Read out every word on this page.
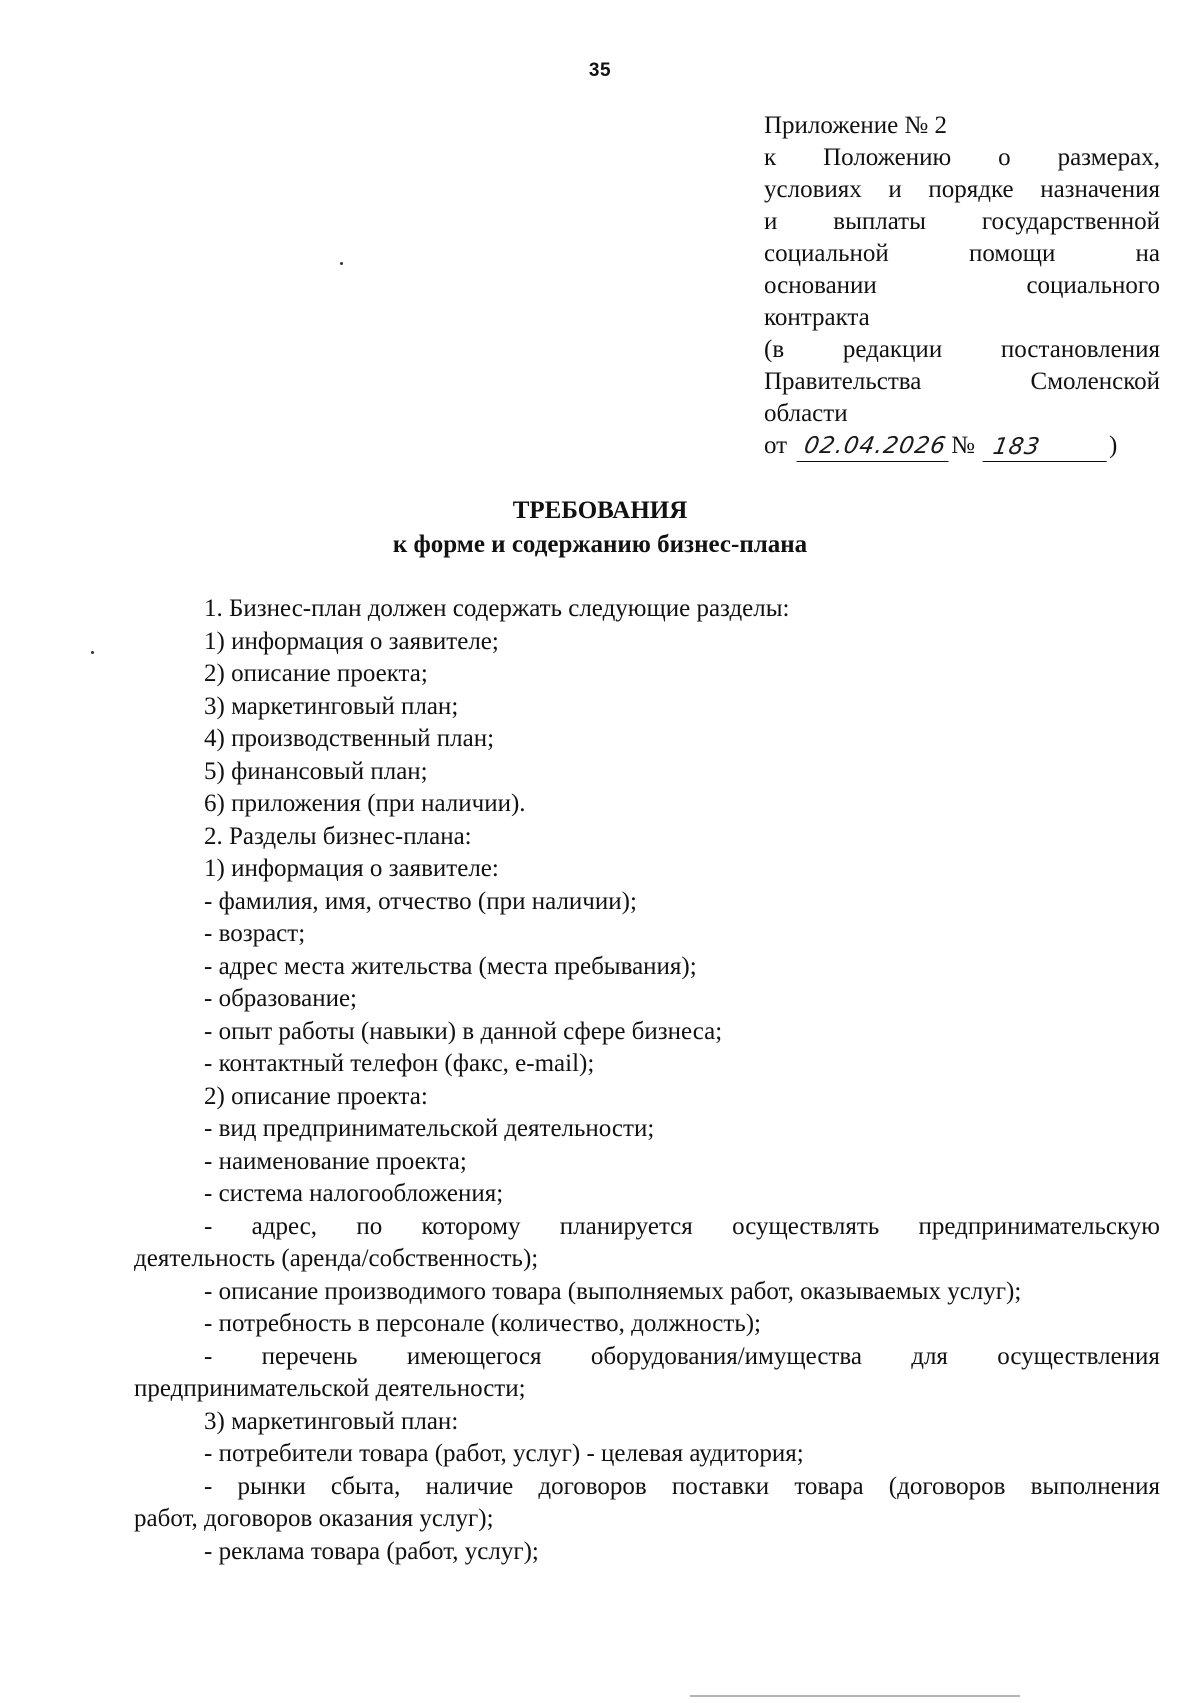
35
Приложение № 2
к Положению о размерах,
условиях и порядке назначения
и выплаты государственной
социальной	помощи	на
основании	социального
контракта
(в редакции постановления
Правительства	Смоленской
области
от 02.04.2026 № 183	)
ТРЕБОВАНИЯ
к форме и содержанию бизнес-плана
1. Бизнес-план должен содержать следующие разделы:
1) информация о заявителе;
2) описание проекта;
3) маркетинговый план;
4) производственный план;
5) финансовый план;
6) приложения (при наличии).
2. Разделы бизнес-плана:
1) информация о заявителе:
- фамилия, имя, отчество (при наличии);
- возраст;
- адрес места жительства (места пребывания);
- образование;
- опыт работы (навыки) в данной сфере бизнеса;
- контактный телефон (факс, e-mail);
2) описание проекта:
- вид предпринимательской деятельности;
- наименование проекта;
- система налогообложения;
- адрес, по которому планируется осуществлять предпринимательскую
деятельность (аренда/собственность);
- описание производимого товара (выполняемых работ, оказываемых услуг);
- потребность в персонале (количество, должность);
- перечень имеющегося оборудования/имущества для осуществления
предпринимательской деятельности;
3) маркетинговый план:
- потребители товара (работ, услуг) - целевая аудитория;
- рынки сбыта, наличие договоров поставки товара (договоров выполнения
работ, договоров оказания услуг);
- реклама товара (работ, услуг);
